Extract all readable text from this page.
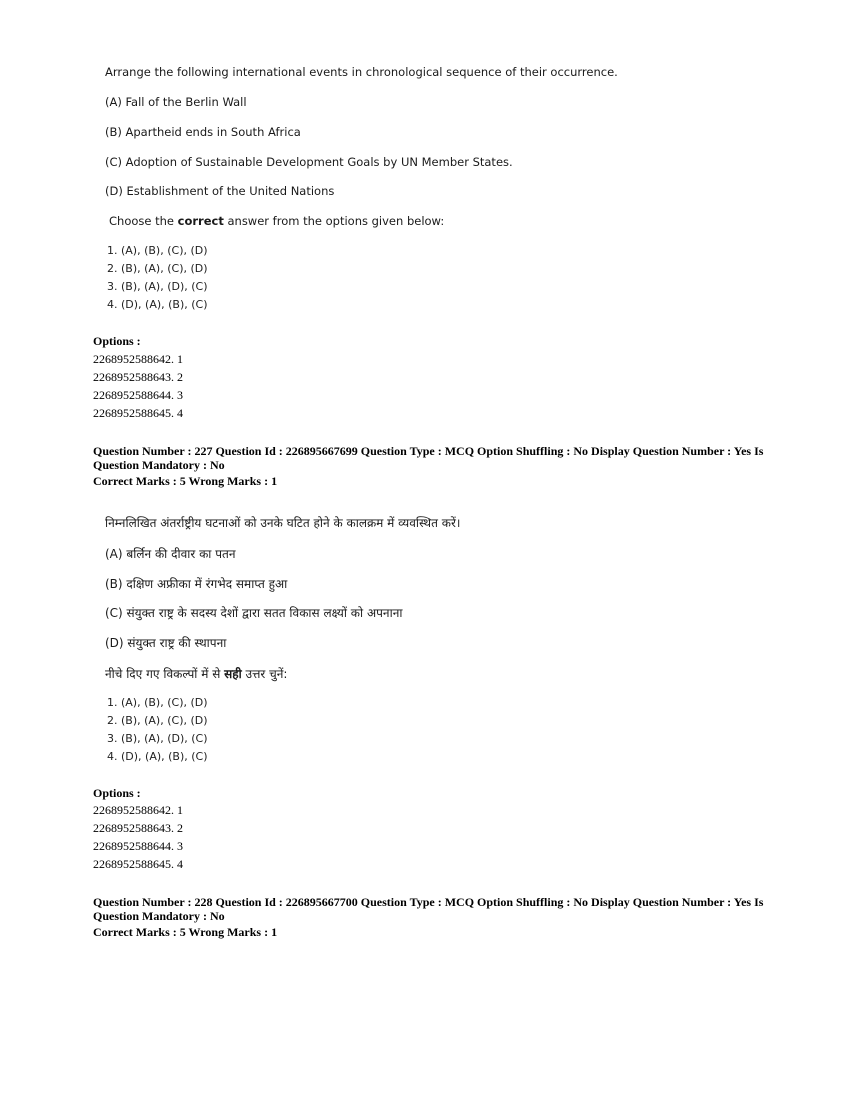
Arrange the following international events in chronological sequence of their occurrence.
(A) Fall of the Berlin Wall
(B) Apartheid ends in South Africa
(C) Adoption of Sustainable Development Goals by UN Member States.
(D) Establishment of the United Nations
Choose the correct answer from the options given below:
1. (A), (B), (C), (D)
2. (B), (A), (C), (D)
3. (B), (A), (D), (C)
4. (D), (A), (B), (C)
Options :
2268952588642. 1
2268952588643. 2
2268952588644. 3
2268952588645. 4
Question Number : 227 Question Id : 226895667699 Question Type : MCQ Option Shuffling : No Display Question Number : Yes Is
Question Mandatory : No
Correct Marks : 5 Wrong Marks : 1
निम्नलिखित अंतर्राष्ट्रीय घटनाओं को उनके घटित होने के कालक्रम में व्यवस्थित करें।
(A) बर्लिन की दीवार का पतन
(B) दक्षिण अफ्रीका में रंगभेद समाप्त हुआ
(C) संयुक्त राष्ट्र के सदस्य देशों द्वारा सतत विकास लक्ष्यों को अपनाना
(D) संयुक्त राष्ट्र की स्थापना
नीचे दिए गए विकल्पों में से सही उत्तर चुनें:
1. (A), (B), (C), (D)
2. (B), (A), (C), (D)
3. (B), (A), (D), (C)
4. (D), (A), (B), (C)
Options :
2268952588642. 1
2268952588643. 2
2268952588644. 3
2268952588645. 4
Question Number : 228 Question Id : 226895667700 Question Type : MCQ Option Shuffling : No Display Question Number : Yes Is
Question Mandatory : No
Correct Marks : 5 Wrong Marks : 1
